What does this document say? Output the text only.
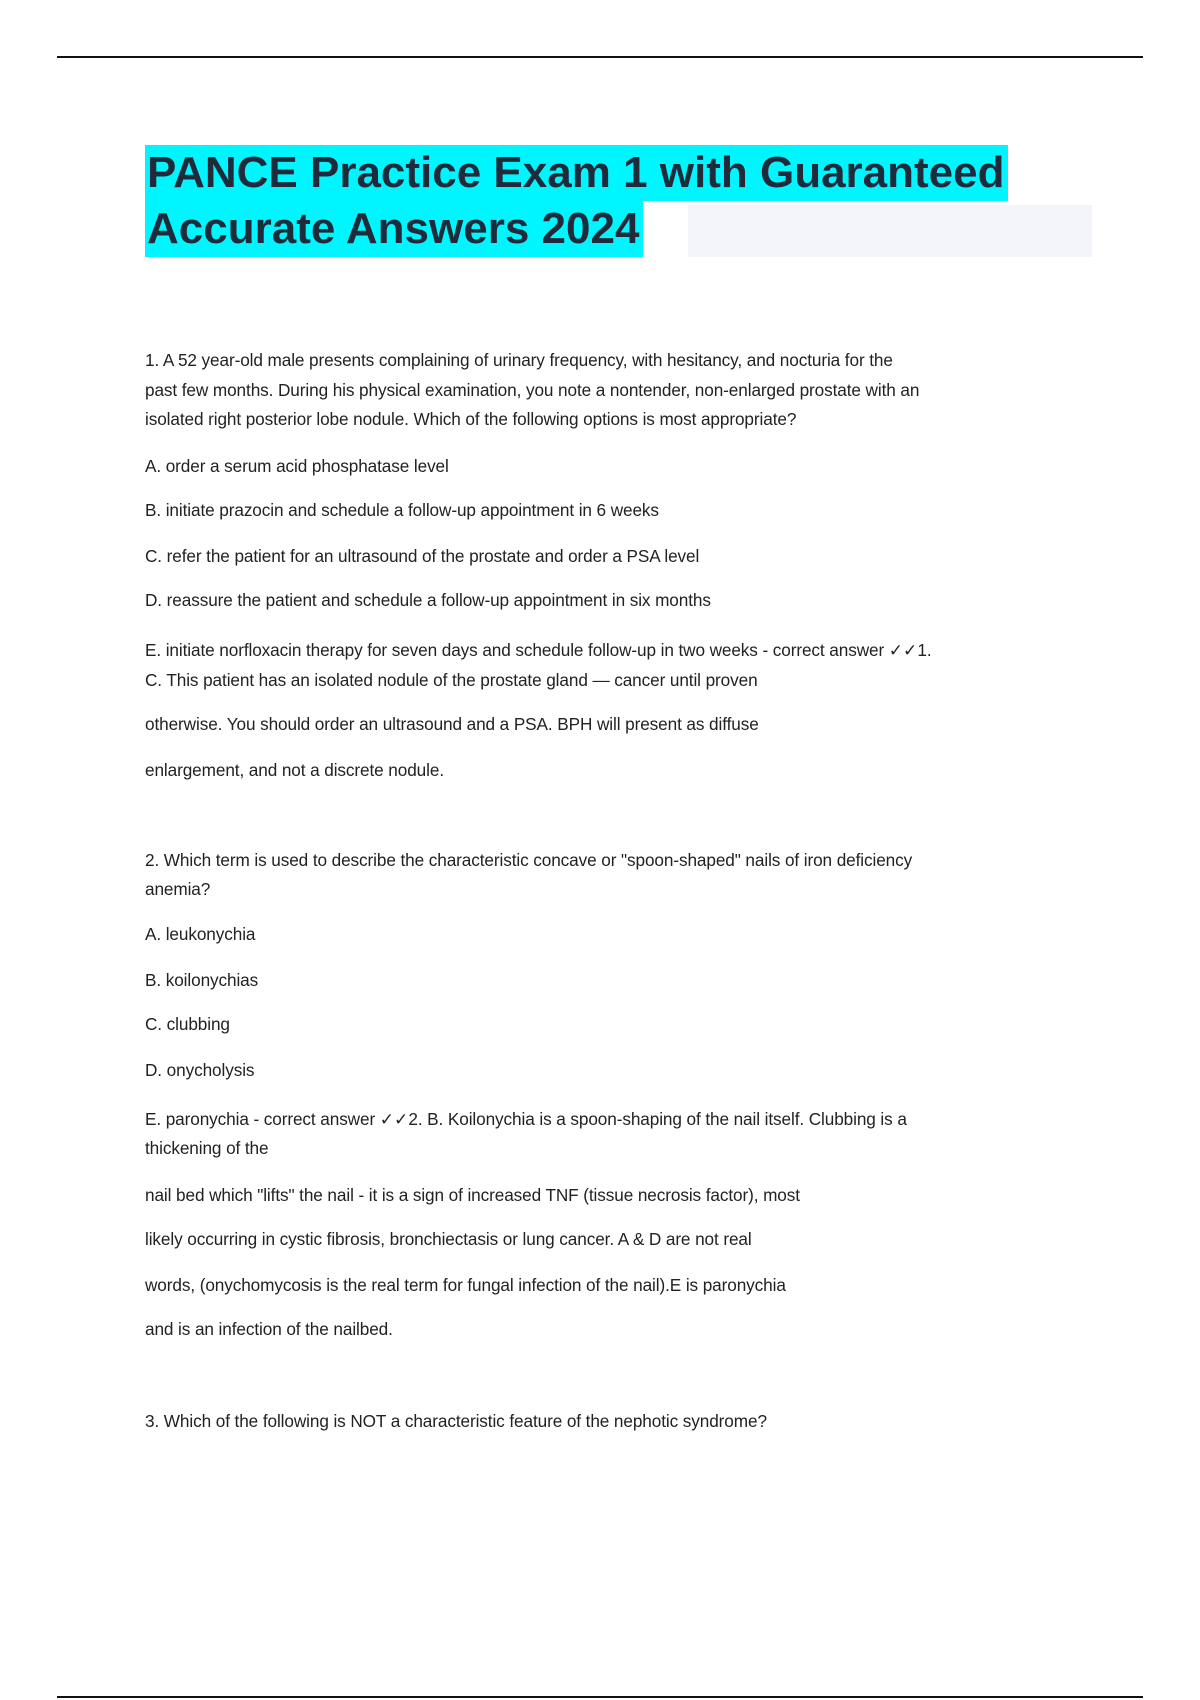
PANCE Practice Exam 1 with Guaranteed
Accurate Answers 2024
1. A 52 year-old male presents complaining of urinary frequency, with hesitancy, and nocturia for the
past few months. During his physical examination, you note a nontender, non-enlarged prostate with an
isolated right posterior lobe nodule. Which of the following options is most appropriate?
A. order a serum acid phosphatase level
B. initiate prazocin and schedule a follow-up appointment in 6 weeks
C. refer the patient for an ultrasound of the prostate and order a PSA level
D. reassure the patient and schedule a follow-up appointment in six months
E. initiate norfloxacin therapy for seven days and schedule follow-up in two weeks - correct answer ✓✓1.
C. This patient has an isolated nodule of the prostate gland — cancer until proven
otherwise. You should order an ultrasound and a PSA. BPH will present as diffuse
enlargement, and not a discrete nodule.
2. Which term is used to describe the characteristic concave or "spoon-shaped" nails of iron deficiency
anemia?
A. leukonychia
B. koilonychias
C. clubbing
D. onycholysis
E. paronychia - correct answer ✓✓2. B. Koilonychia is a spoon-shaping of the nail itself. Clubbing is a
thickening of the
nail bed which "lifts" the nail - it is a sign of increased TNF (tissue necrosis factor), most
likely occurring in cystic fibrosis, bronchiectasis or lung cancer. A & D are not real
words, (onychomycosis is the real term for fungal infection of the nail).E is paronychia
and is an infection of the nailbed.
3. Which of the following is NOT a characteristic feature of the nephotic syndrome?
